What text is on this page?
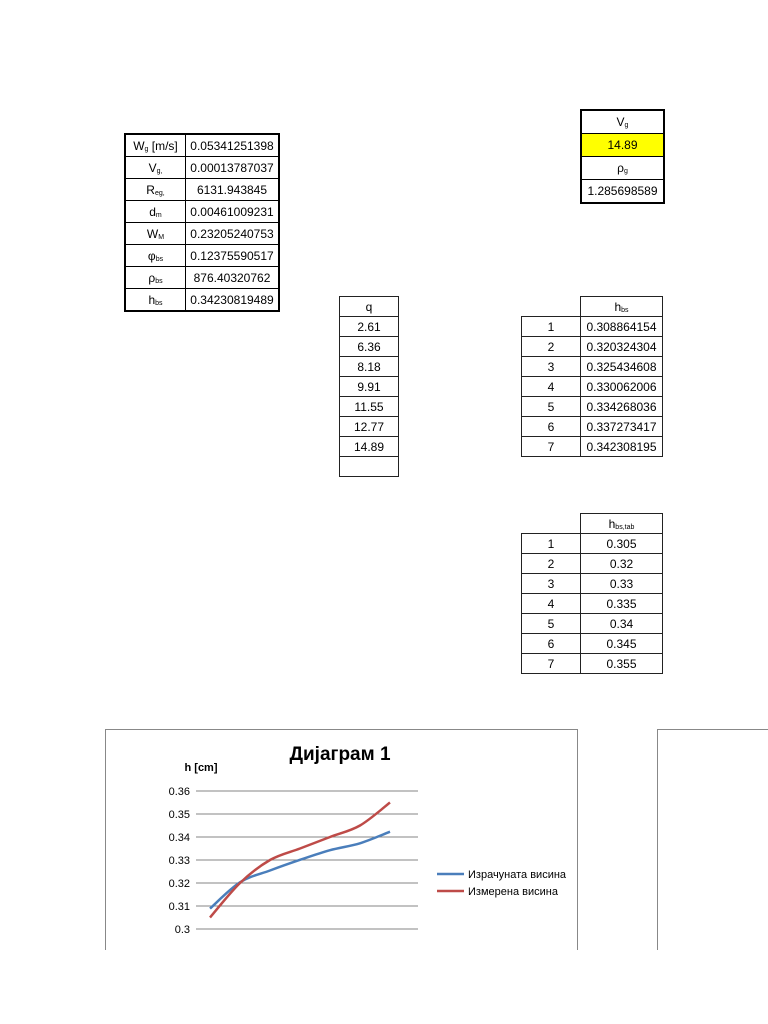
$W_g$ [m/s]	0.05341251398
$V_{g,}$	0.00013787037
$R_{eg,}$	6131.943845
$d_m$	0.00461009231
$W_M$	0.23205240753
$\varphi_{bs}$	0.12375590517
$\rho_{bs}$	876.40320762
$h_{bs}$	0.34230819489
$V_g$
14.89
$\rho_g$
1.285698589
q
2.61
6.36
8.18
9.91
11.55
12.77
14.89

	$h_{bs}$
1	0.308864154
2	0.320324304
3	0.325434608
4	0.330062006
5	0.334268036
6	0.337273417
7	0.342308195
	$h_{bs,tab}$
1	0.305
2	0.32
3	0.33
4	0.335
5	0.34
6	0.345
7	0.355
Дијаграм 1
h [cm]
0.36
0.35
0.34
0.33
0.32
0.31
0.3
Израчуната висина
Измерена висина
